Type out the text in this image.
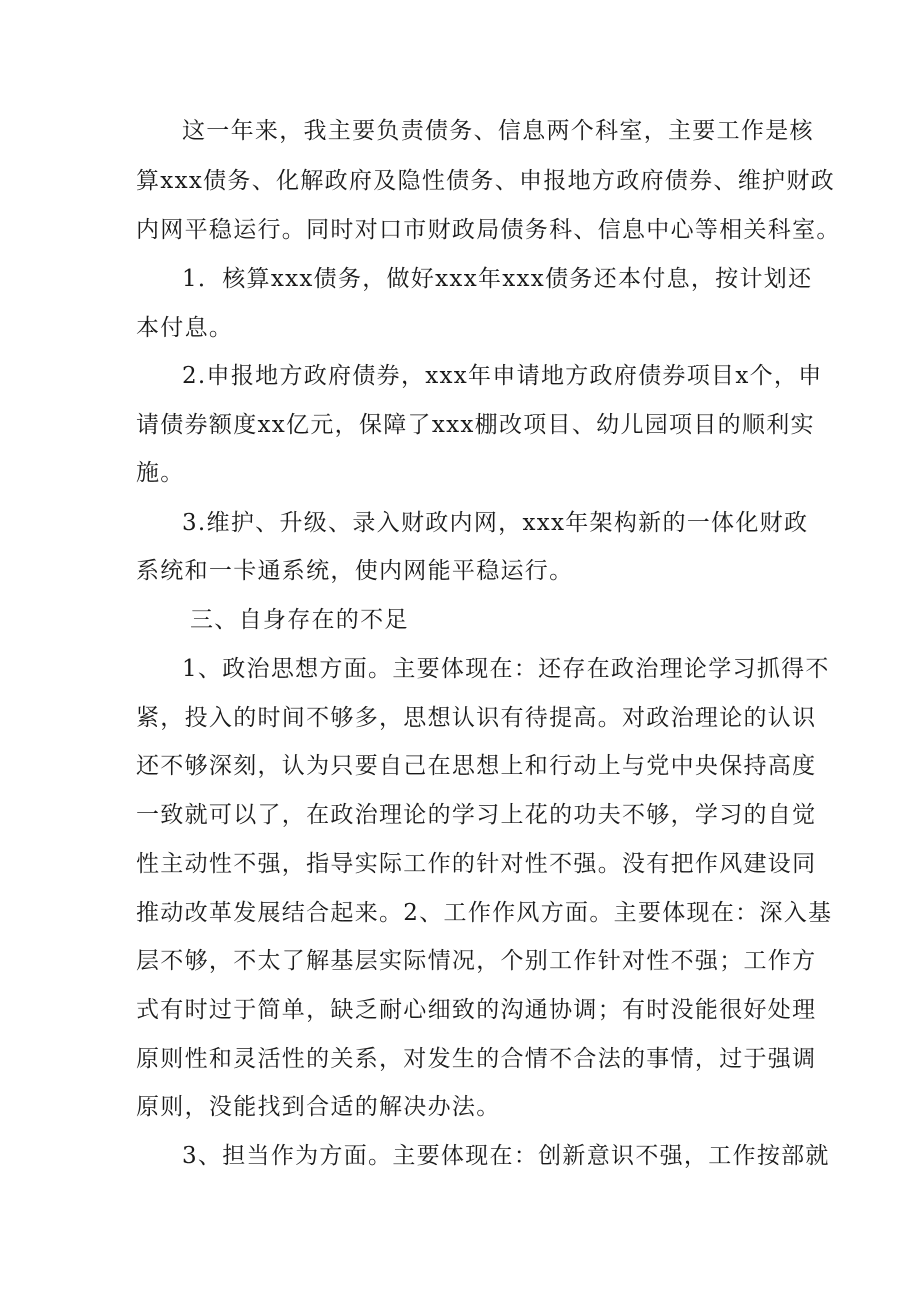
这一年来，我主要负责债务、信息两个科室，主要工作是核
算xxx债务、化解政府及隐性债务、申报地方政府债券、维护财政
内网平稳运行。同时对口市财政局债务科、信息中心等相关科室。
1．核算xxx债务，做好xxx年xxx债务还本付息，按计划还
本付息。
2.申报地方政府债券，xxx年申请地方政府债券项目x个，申
请债券额度xx亿元，保障了xxx棚改项目、幼儿园项目的顺利实
施。
3.维护、升级、录入财政内网，xxx年架构新的一体化财政
系统和一卡通系统，使内网能平稳运行。
三、自身存在的不足
1、政治思想方面。主要体现在：还存在政治理论学习抓得不
紧，投入的时间不够多，思想认识有待提高。对政治理论的认识
还不够深刻，认为只要自己在思想上和行动上与党中央保持高度
一致就可以了，在政治理论的学习上花的功夫不够，学习的自觉
性主动性不强，指导实际工作的针对性不强。没有把作风建设同
推动改革发展结合起来。2、工作作风方面。主要体现在：深入基
层不够，不太了解基层实际情况，个别工作针对性不强；工作方
式有时过于简单，缺乏耐心细致的沟通协调；有时没能很好处理
原则性和灵活性的关系，对发生的合情不合法的事情，过于强调
原则，没能找到合适的解决办法。
3、担当作为方面。主要体现在：创新意识不强，工作按部就
